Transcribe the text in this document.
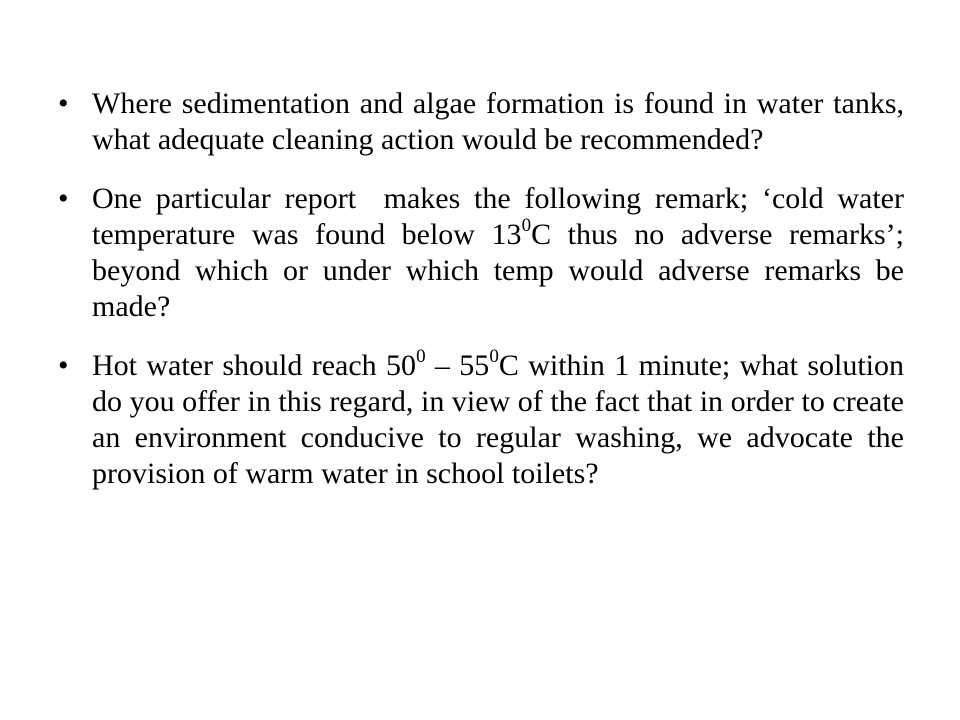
• Where sedimentation and algae formation is found in water tanks, what adequate cleaning action would be recommended?
• One particular report  makes the following remark; ‘cold water temperature was found below $13^0C$ thus no adverse remarks’; beyond which or under which temp would adverse remarks be made?
• Hot water should reach $50^0 - 55^0C$ within 1 minute; what solution do you offer in this regard, in view of the fact that in order to create an environment conducive to regular washing, we advocate the provision of warm water in school toilets?
